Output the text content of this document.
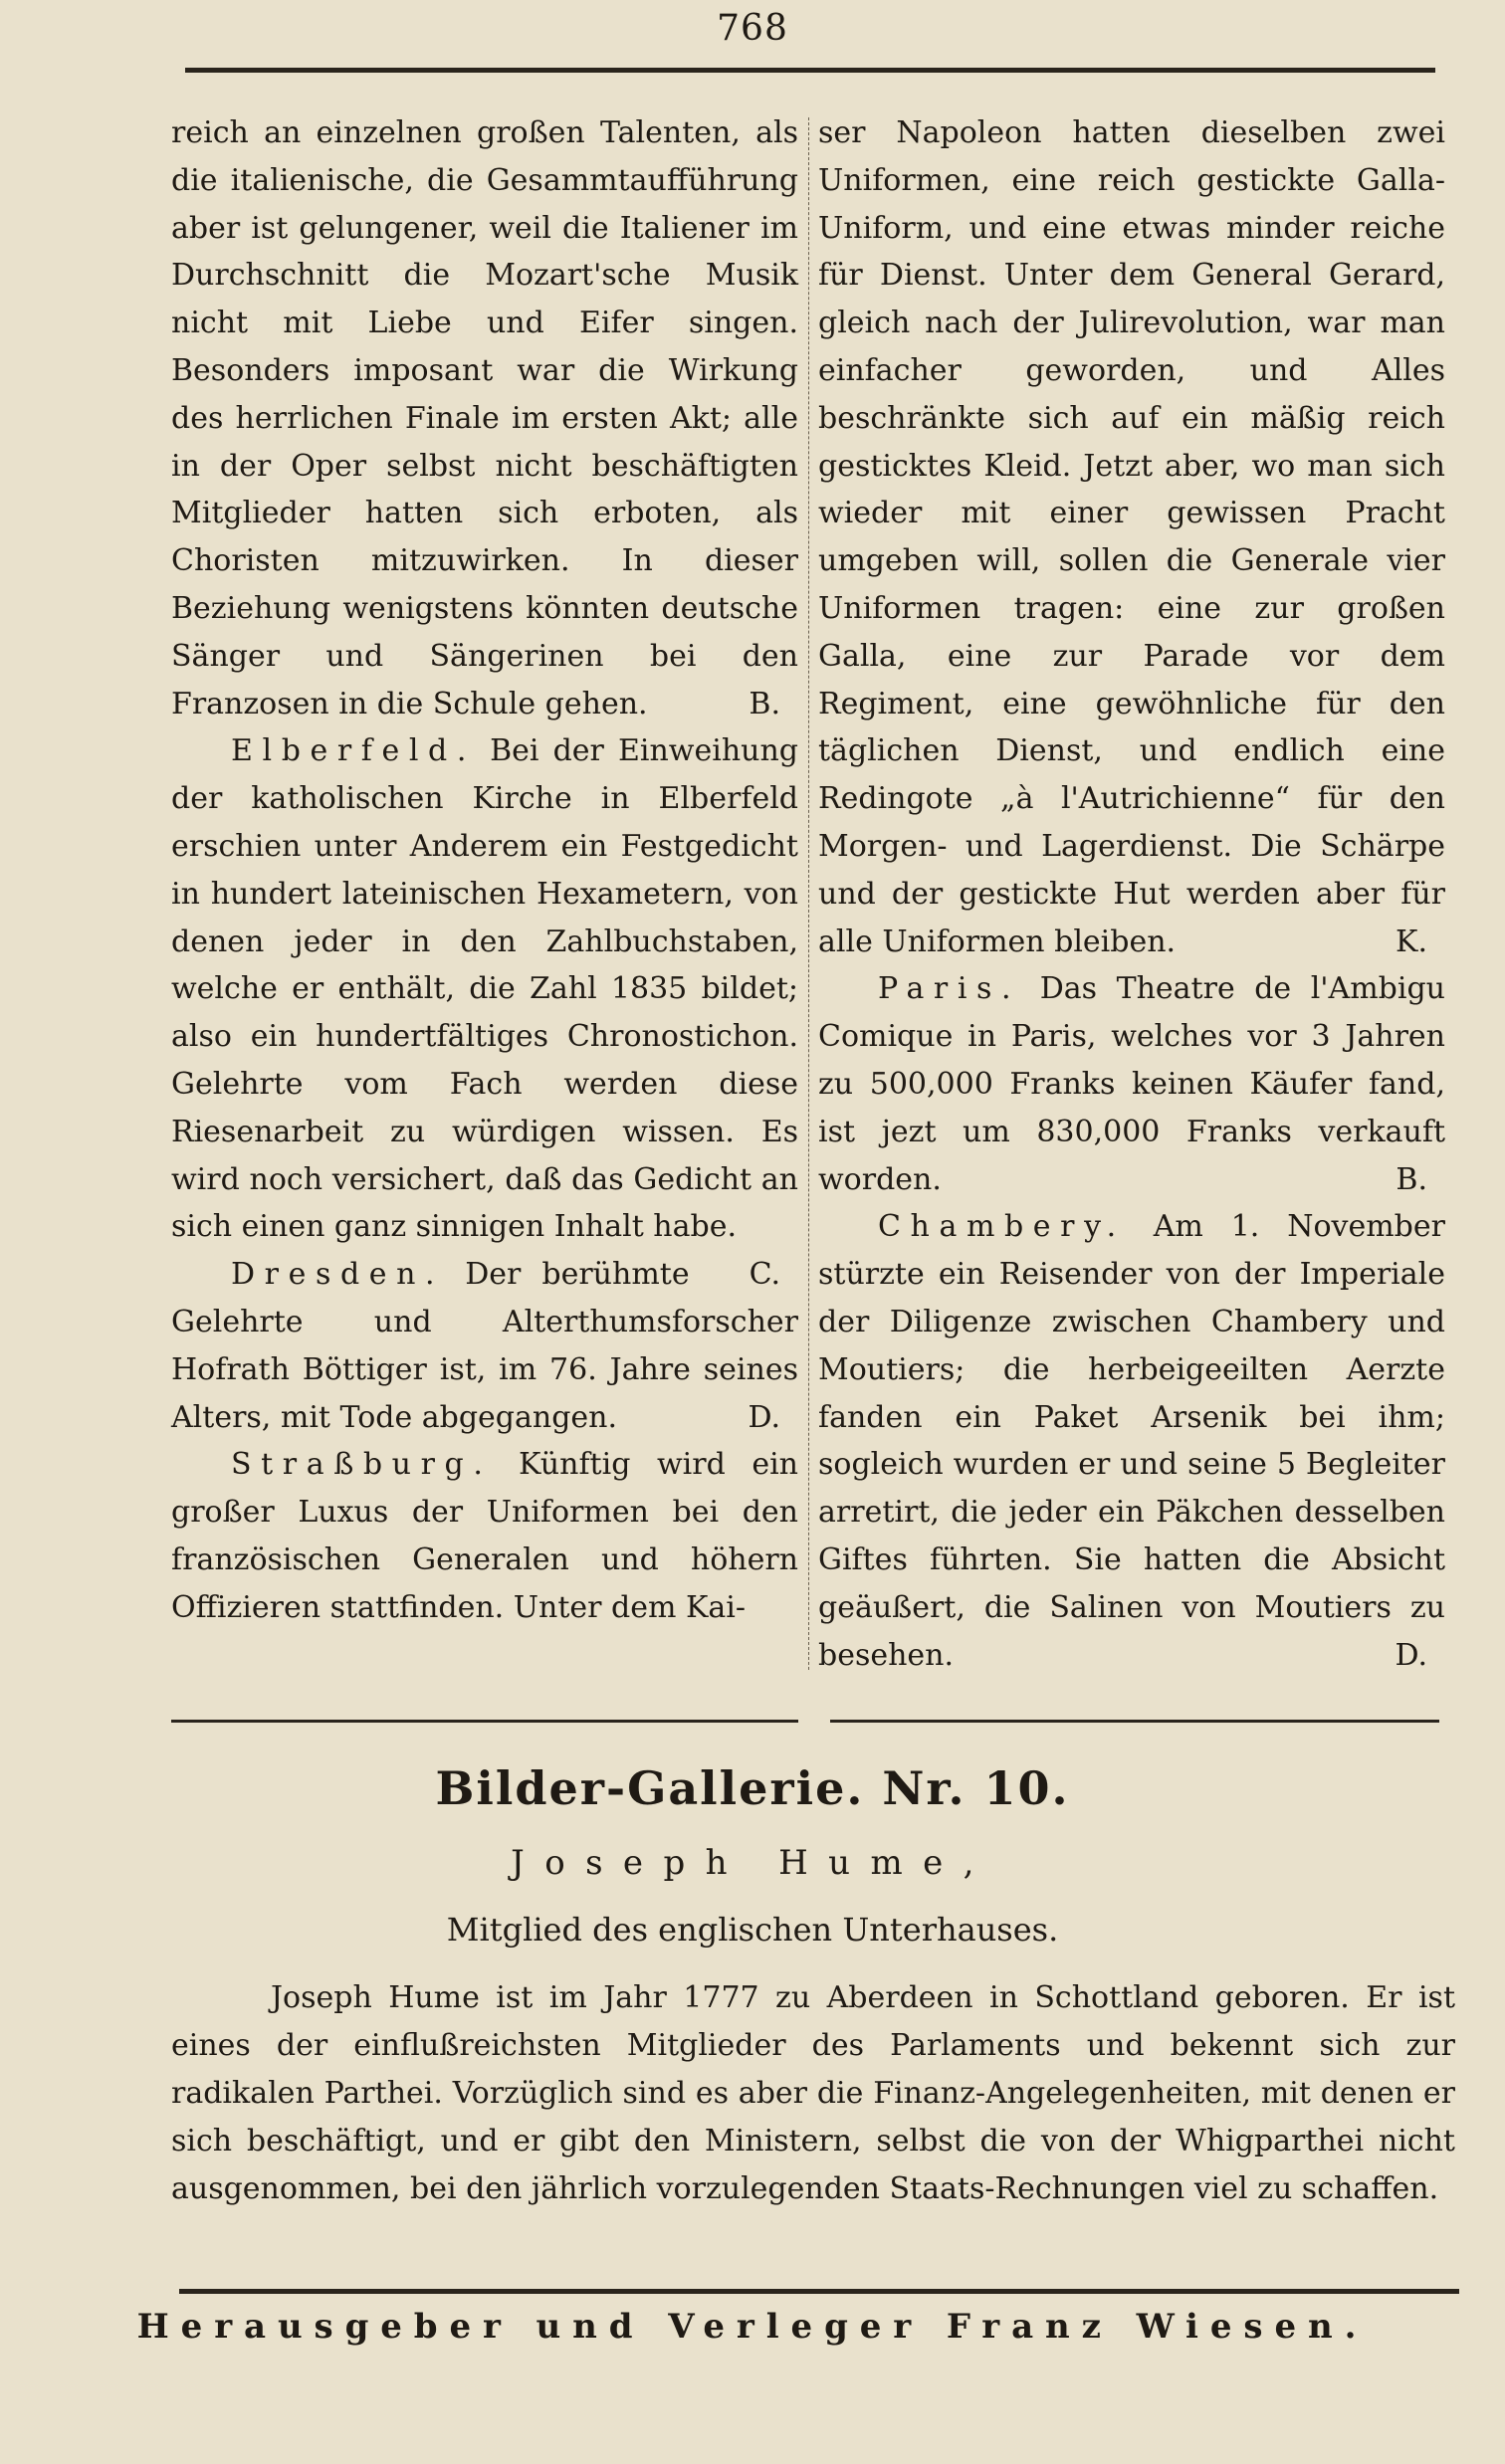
768

reich an einzelnen großen Talenten, als die italienische, die Gesammtaufführung aber ist gelungener, weil die Italiener im Durchschnitt die Mozart'sche Musik nicht mit Liebe und Eifer singen. Besonders imposant war die Wirkung des herrlichen Finale im ersten Akt; alle in der Oper selbst nicht beschäftigten Mitglieder hatten sich erboten, als Choristen mitzuwirken. In dieser Beziehung wenigstens könnten deutsche Sänger und Sängerinen bei den Franzosen in die Schule gehen.	B.

Elberfeld. Bei der Einweihung der katholischen Kirche in Elberfeld erschien unter Anderem ein Festgedicht in hundert lateinischen Hexametern, von denen jeder in den Zahlbuchstaben, welche er enthält, die Zahl 1835 bildet; also ein hundertfältiges Chronostichon. Gelehrte vom Fach werden diese Riesenarbeit zu würdigen wissen. Es wird noch versichert, daß das Gedicht an sich einen ganz sinnigen Inhalt habe.
C.

Dresden. Der berühmte Gelehrte und Alterthumsforscher Hofrath Böttiger ist, im 76. Jahre seines Alters, mit Tode abgegangen.	D.

Straßburg. Künftig wird ein großer Luxus der Uniformen bei den französischen Generalen und höhern Offizieren stattfinden. Unter dem Kai-

ser Napoleon hatten dieselben zwei Uniformen, eine reich gestickte Galla-Uniform, und eine etwas minder reiche für Dienst. Unter dem General Gerard, gleich nach der Julirevolution, war man einfacher geworden, und Alles beschränkte sich auf ein mäßig reich gesticktes Kleid. Jetzt aber, wo man sich wieder mit einer gewissen Pracht umgeben will, sollen die Generale vier Uniformen tragen: eine zur großen Galla, eine zur Parade vor dem Regiment, eine gewöhnliche für den täglichen Dienst, und endlich eine Redingote „à l'Autrichienne“ für den Morgen- und Lagerdienst. Die Schärpe und der gestickte Hut werden aber für alle Uniformen bleiben.	K.

Paris. Das Theatre de l'Ambigu Comique in Paris, welches vor 3 Jahren zu 500,000 Franks keinen Käufer fand, ist jezt um 830,000 Franks verkauft worden.	B.

Chambery. Am 1. November stürzte ein Reisender von der Imperiale der Diligenze zwischen Chambery und Moutiers; die herbeigeeilten Aerzte fanden ein Paket Arsenik bei ihm; sogleich wurden er und seine 5 Begleiter arretirt, die jeder ein Päkchen desselben Giftes führten. Sie hatten die Absicht geäußert, die Salinen von Moutiers zu besehen.	D.

Bilder-Gallerie. Nr. 10.
Joseph Hume,
Mitglied des englischen Unterhauses.

Joseph Hume ist im Jahr 1777 zu Aberdeen in Schottland geboren. Er ist eines der einflußreichsten Mitglieder des Parlaments und bekennt sich zur radikalen Parthei. Vorzüglich sind es aber die Finanz-Angelegenheiten, mit denen er sich beschäftigt, und er gibt den Ministern, selbst die von der Whigparthei nicht ausgenommen, bei den jährlich vorzulegenden Staats-Rechnungen viel zu schaffen.

Herausgeber und Verleger Franz Wiesen.
